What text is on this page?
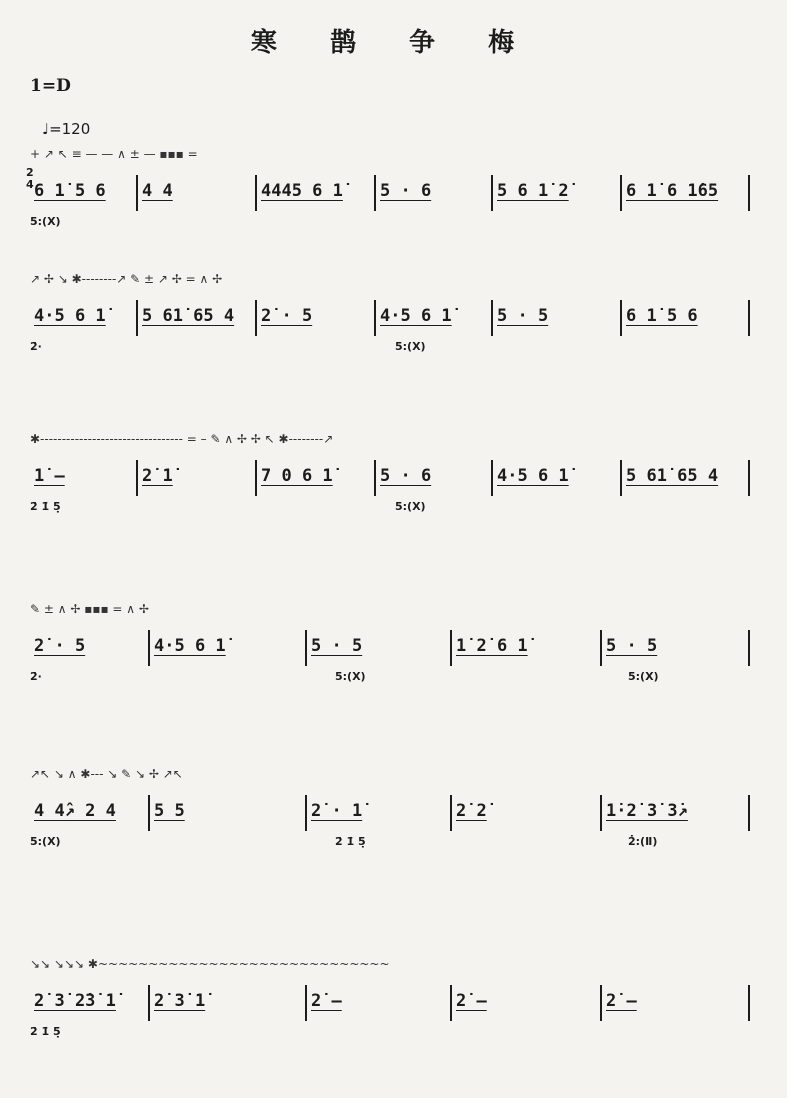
寒 鹊 争 梅
1=D
♩=120
2
4
+ ↗ ↖ ≡ — — ∧ ± — ▪▪▪ =
6 1̇ 5 6	4 4	4445 6 1̇	5 · 6	5 6 1̇ 2̇	6 1̇ 6 1̇65
5:(X)
↗ ✢ ↘ ✱--------↗ ✎ ± ↗ ✢ = ∧ ✢
4·5 6 1̇	5 61̇ 65 4	2̇ · 5	4·5 6 1̇	5 · 5	6 1̇ 5 6
2̇·	5:(X)
✱--------------------------------- = – ✎ ∧ ✢ ✢ ↖ ✱--------↗
1̇ –	2̇ 1̇	7 0 6 1̇	5 · 6	4·5 6 1̇	5 61̇ 65 4
2̇ 1̇ 5̣	5:(X)
✎ ± ∧ ✢ ▪▪▪ = ∧ ✢
2̇ · 5	4·5 6 1̇	5 · 5	1̇ 2̇ 6 1̇	5 · 5
2̇·	5:(X)	5:(X)
↗↖ ↘ ∧ ✱--- ↘ ✎ ↘ ✢ ↗↖
4 4̂↗ 2 4	5 5	2̇ · 1̇	2̇ 2̇	1̇·2̇ 3̇ 3̇↗
5:(X)	2̇ 1̇ 5̣	2̇:(Ⅱ)
↘↘ ↘↘↘ ✱~~~~~~~~~~~~~~~~~~~~~~~~~~~~~
2̇ 3̇ 2̇3̇ 1̇	2̇ 3̇ 1̇	2̇ –	2̇ –	2̇ –
2̇ 1̇ 5̣
